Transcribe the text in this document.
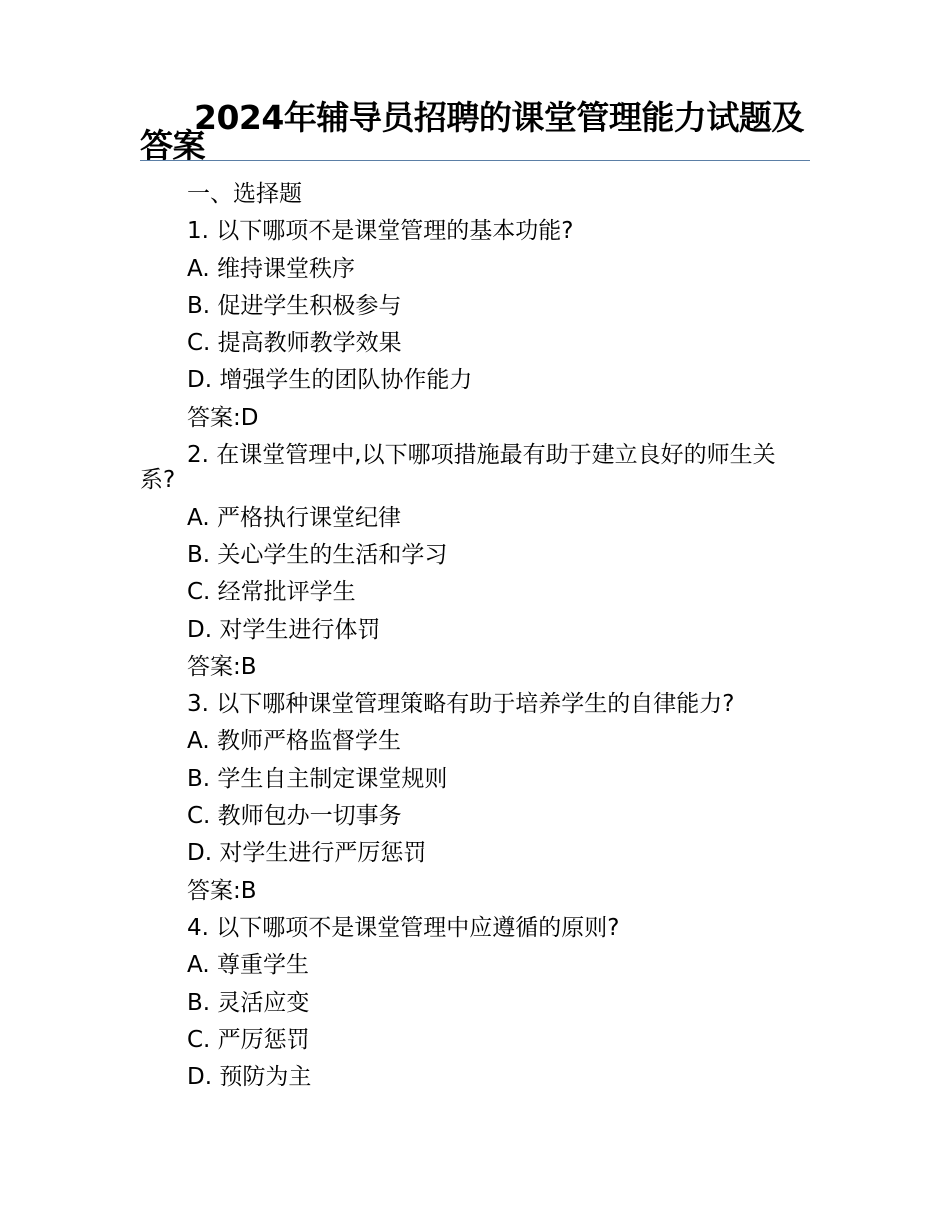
2024年辅导员招聘的课堂管理能力试题及答案

一、选择题

1. 以下哪项不是课堂管理的基本功能?

A. 维持课堂秩序

B. 促进学生积极参与

C. 提高教师教学效果

D. 增强学生的团队协作能力

答案:D

2. 在课堂管理中,以下哪项措施最有助于建立良好的师生关系?

A. 严格执行课堂纪律

B. 关心学生的生活和学习

C. 经常批评学生

D. 对学生进行体罚

答案:B

3. 以下哪种课堂管理策略有助于培养学生的自律能力?

A. 教师严格监督学生

B. 学生自主制定课堂规则

C. 教师包办一切事务

D. 对学生进行严厉惩罚

答案:B

4. 以下哪项不是课堂管理中应遵循的原则?

A. 尊重学生

B. 灵活应变

C. 严厉惩罚

D. 预防为主
